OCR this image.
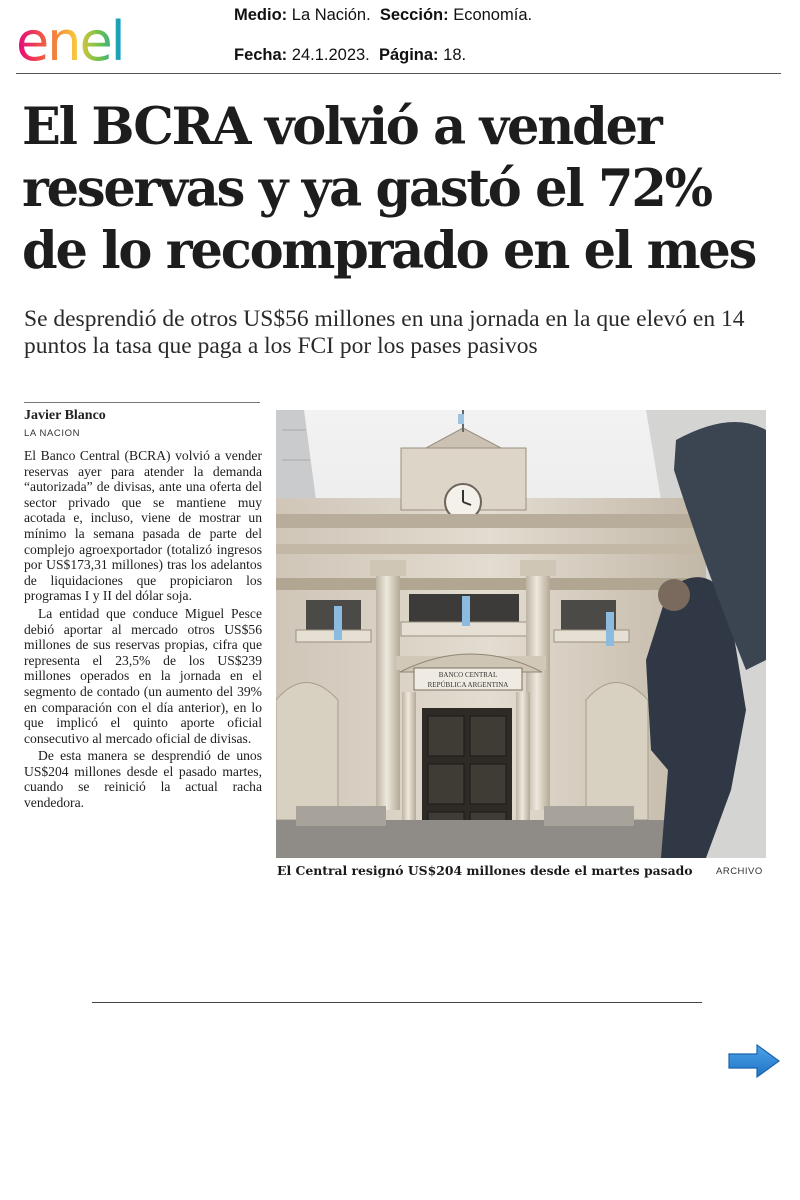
enel	Medio: La Nación. Sección: Economía.
Fecha: 24.1.2023. Página: 18.
El BCRA volvió a vender reservas y ya gastó el 72% de lo recomprado en el mes

Se desprendió de otros US$56 millones en una jornada en la que elevó en 14 puntos la tasa que paga a los FCI por los pases pasivos

Javier Blanco
LA NACION

El Banco Central (BCRA) volvió a vender reservas ayer para atender la demanda “autorizada” de divisas, ante una oferta del sector privado que se mantiene muy acotada e, incluso, viene de mostrar un mínimo la semana pasada de parte del complejo agroexportador (totalizó ingresos por US$173,31 millones) tras los adelantos de liquidaciones que propiciaron los programas I y II del dólar soja.

La entidad que conduce Miguel Pesce debió aportar al mercado otros US$56 millones de sus reservas propias, cifra que representa el 23,5% de los US$239 millones operados en la jornada en el segmento de contado (un aumento del 39% en comparación con el día anterior), en lo que implicó el quinto aporte oficial consecutivo al mercado oficial de divisas.

De esta manera se desprendió de unos US$204 millones desde el pasado martes, cuando se reinició la actual racha vendedora.

BANCO CENTRAL
REPÚBLICA ARGENTINA
El Central resignó US$204 millones desde el martes pasado ARCHIVO
